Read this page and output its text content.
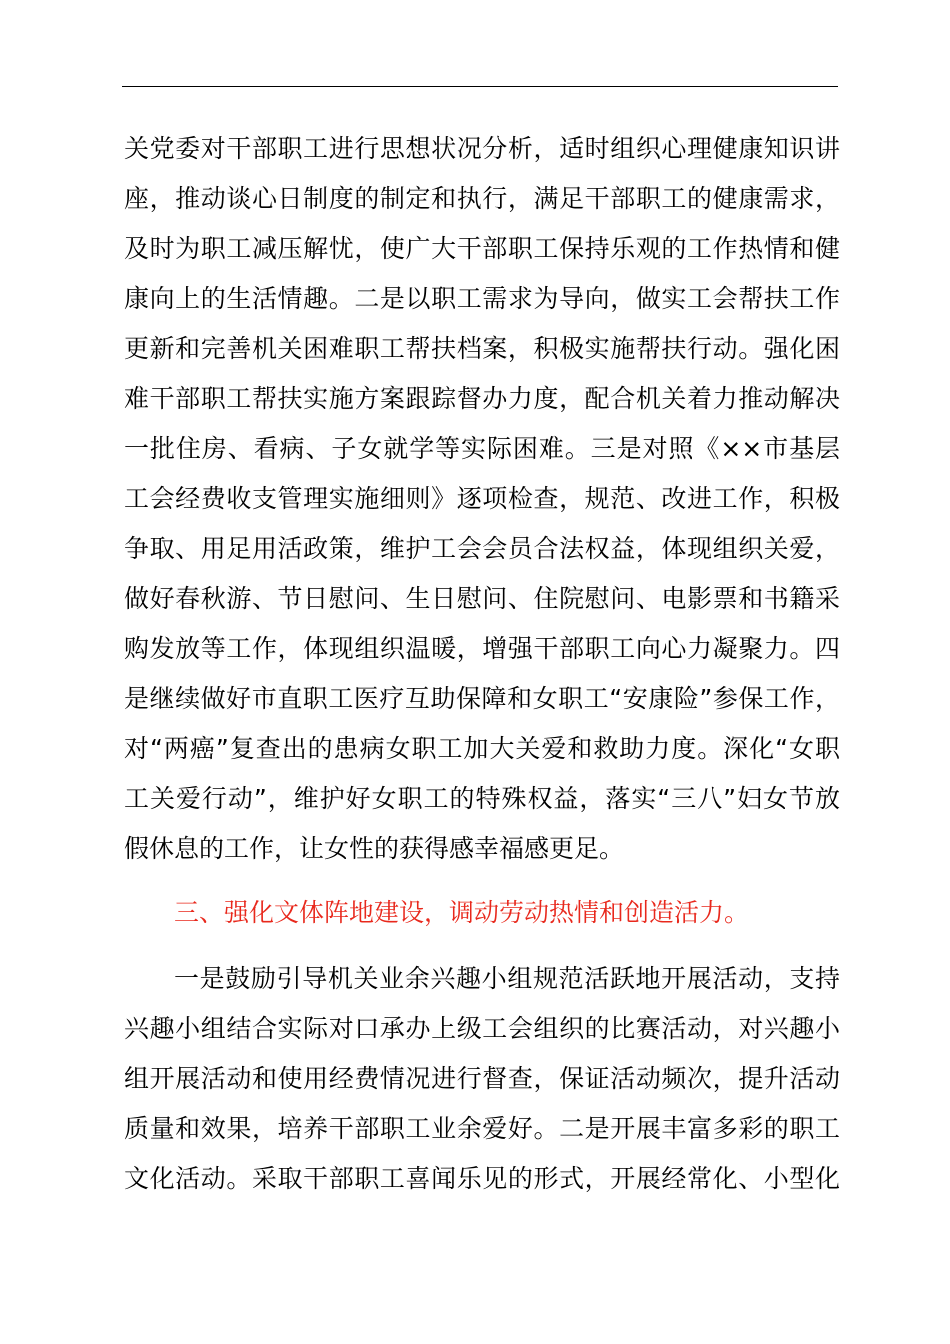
关党委对干部职工进行思想状况分析，适时组织心理健康知识讲
座，推动谈心日制度的制定和执行，满足干部职工的健康需求，
及时为职工减压解忧，使广大干部职工保持乐观的工作热情和健
康向上的生活情趣。二是以职工需求为导向，做实工会帮扶工作
更新和完善机关困难职工帮扶档案，积极实施帮扶行动。强化困
难干部职工帮扶实施方案跟踪督办力度，配合机关着力推动解决
一批住房、看病、子女就学等实际困难。三是对照《××市基层
工会经费收支管理实施细则》逐项检查，规范、改进工作，积极
争取、用足用活政策，维护工会会员合法权益，体现组织关爱，
做好春秋游、节日慰问、生日慰问、住院慰问、电影票和书籍采
购发放等工作，体现组织温暖，增强干部职工向心力凝聚力。四
是继续做好市直职工医疗互助保障和女职工“安康险”参保工作，
对“两癌”复查出的患病女职工加大关爱和救助力度。深化“女职
工关爱行动”，维护好女职工的特殊权益，落实“三八”妇女节放
假休息的工作，让女性的获得感幸福感更足。
三、强化文体阵地建设，调动劳动热情和创造活力。
一是鼓励引导机关业余兴趣小组规范活跃地开展活动，支持
兴趣小组结合实际对口承办上级工会组织的比赛活动，对兴趣小
组开展活动和使用经费情况进行督查，保证活动频次，提升活动
质量和效果，培养干部职工业余爱好。二是开展丰富多彩的职工
文化活动。采取干部职工喜闻乐见的形式，开展经常化、小型化
